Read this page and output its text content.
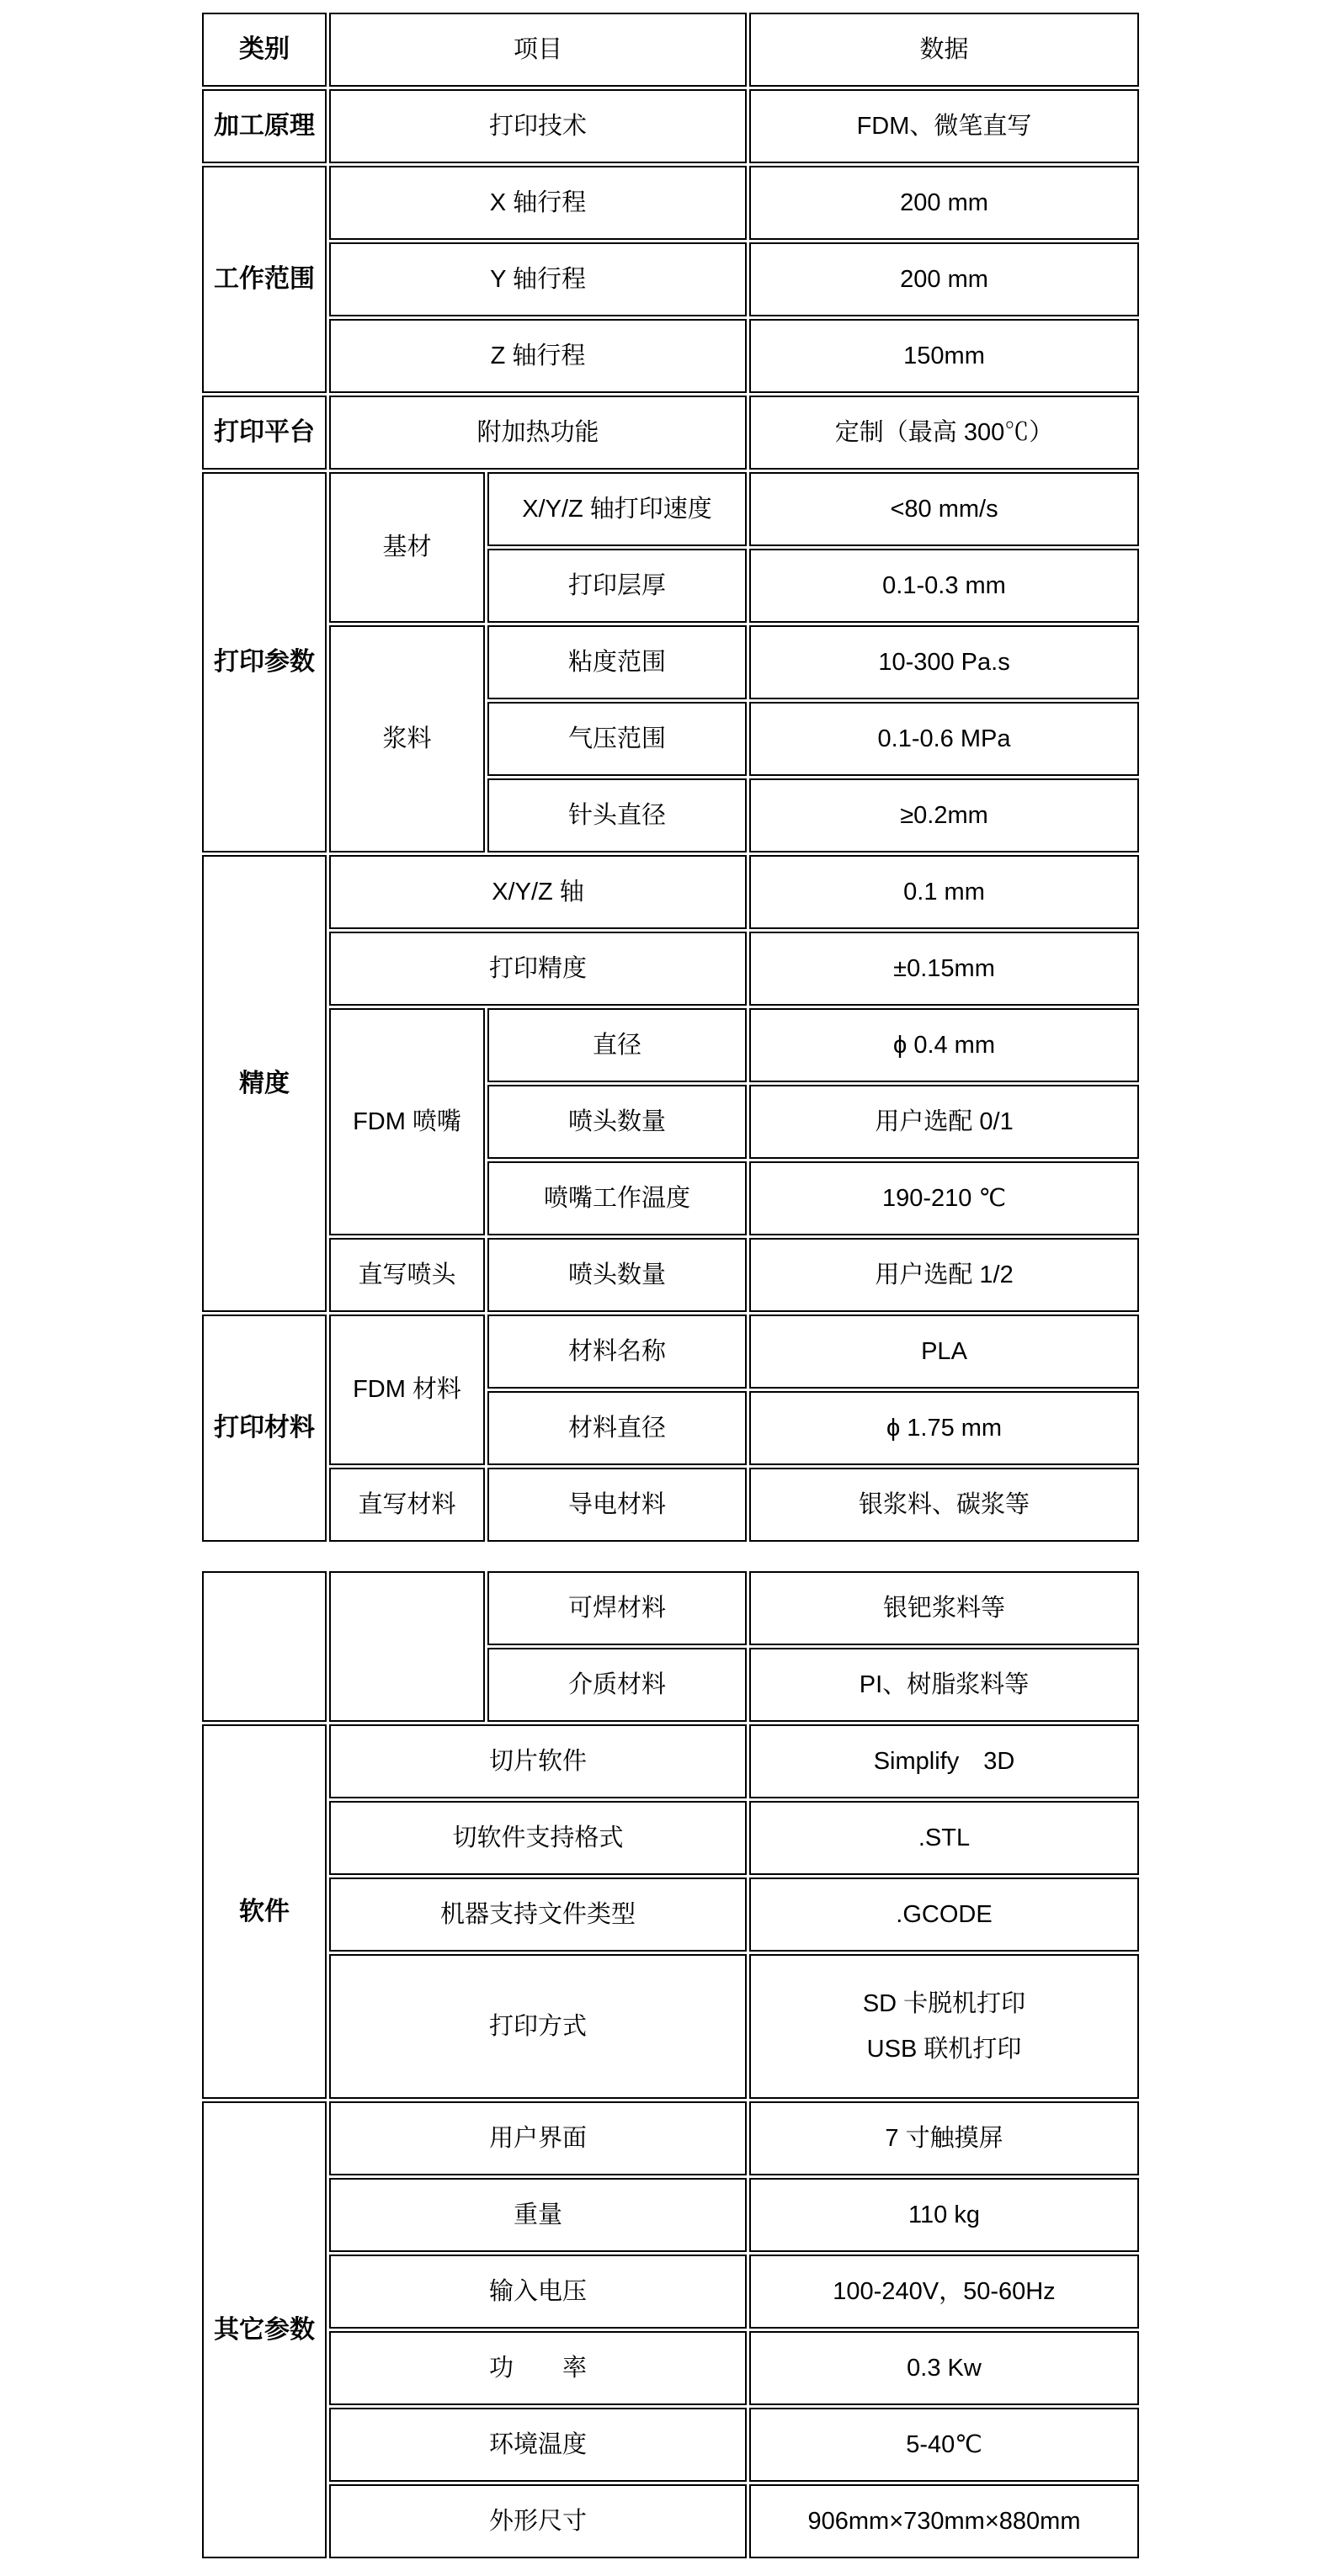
类别	项目		数据
加工原理	打印技术		FDM、微笔直写
工作范围	X 轴行程		200 mm
	Y 轴行程		200 mm
	Z 轴行程		150mm
打印平台	附加热功能		定制（最高 300℃）
打印参数	基材	X/Y/Z 轴打印速度	<80 mm/s
		打印层厚	0.1-0.3 mm
	浆料	粘度范围	10-300 Pa.s
		气压范围	0.1-0.6 MPa
		针头直径	≥0.2mm
精度	X/Y/Z 轴		0.1 mm
	打印精度		±0.15mm
	FDM 喷嘴	直径	ϕ 0.4 mm
		喷头数量	用户选配 0/1
		喷嘴工作温度	190-210 ℃
	直写喷头	喷头数量	用户选配 1/2
打印材料	FDM 材料	材料名称	PLA
		材料直径	ϕ 1.75 mm
	直写材料	导电材料	银浆料、碳浆等
		可焊材料	银钯浆料等
		介质材料	PI、树脂浆料等
软件	切片软件		Simplify　3D
	切软件支持格式		.STL
	机器支持文件类型		.GCODE
	打印方式		SD 卡脱机打印
USB 联机打印

其它参数	用户界面		7 寸触摸屏
	重量		110 kg
	输入电压		100-240V，50-60Hz
	功　　率		0.3 Kw
	环境温度		5-40℃
	外形尺寸		906mm×730mm×880mm
